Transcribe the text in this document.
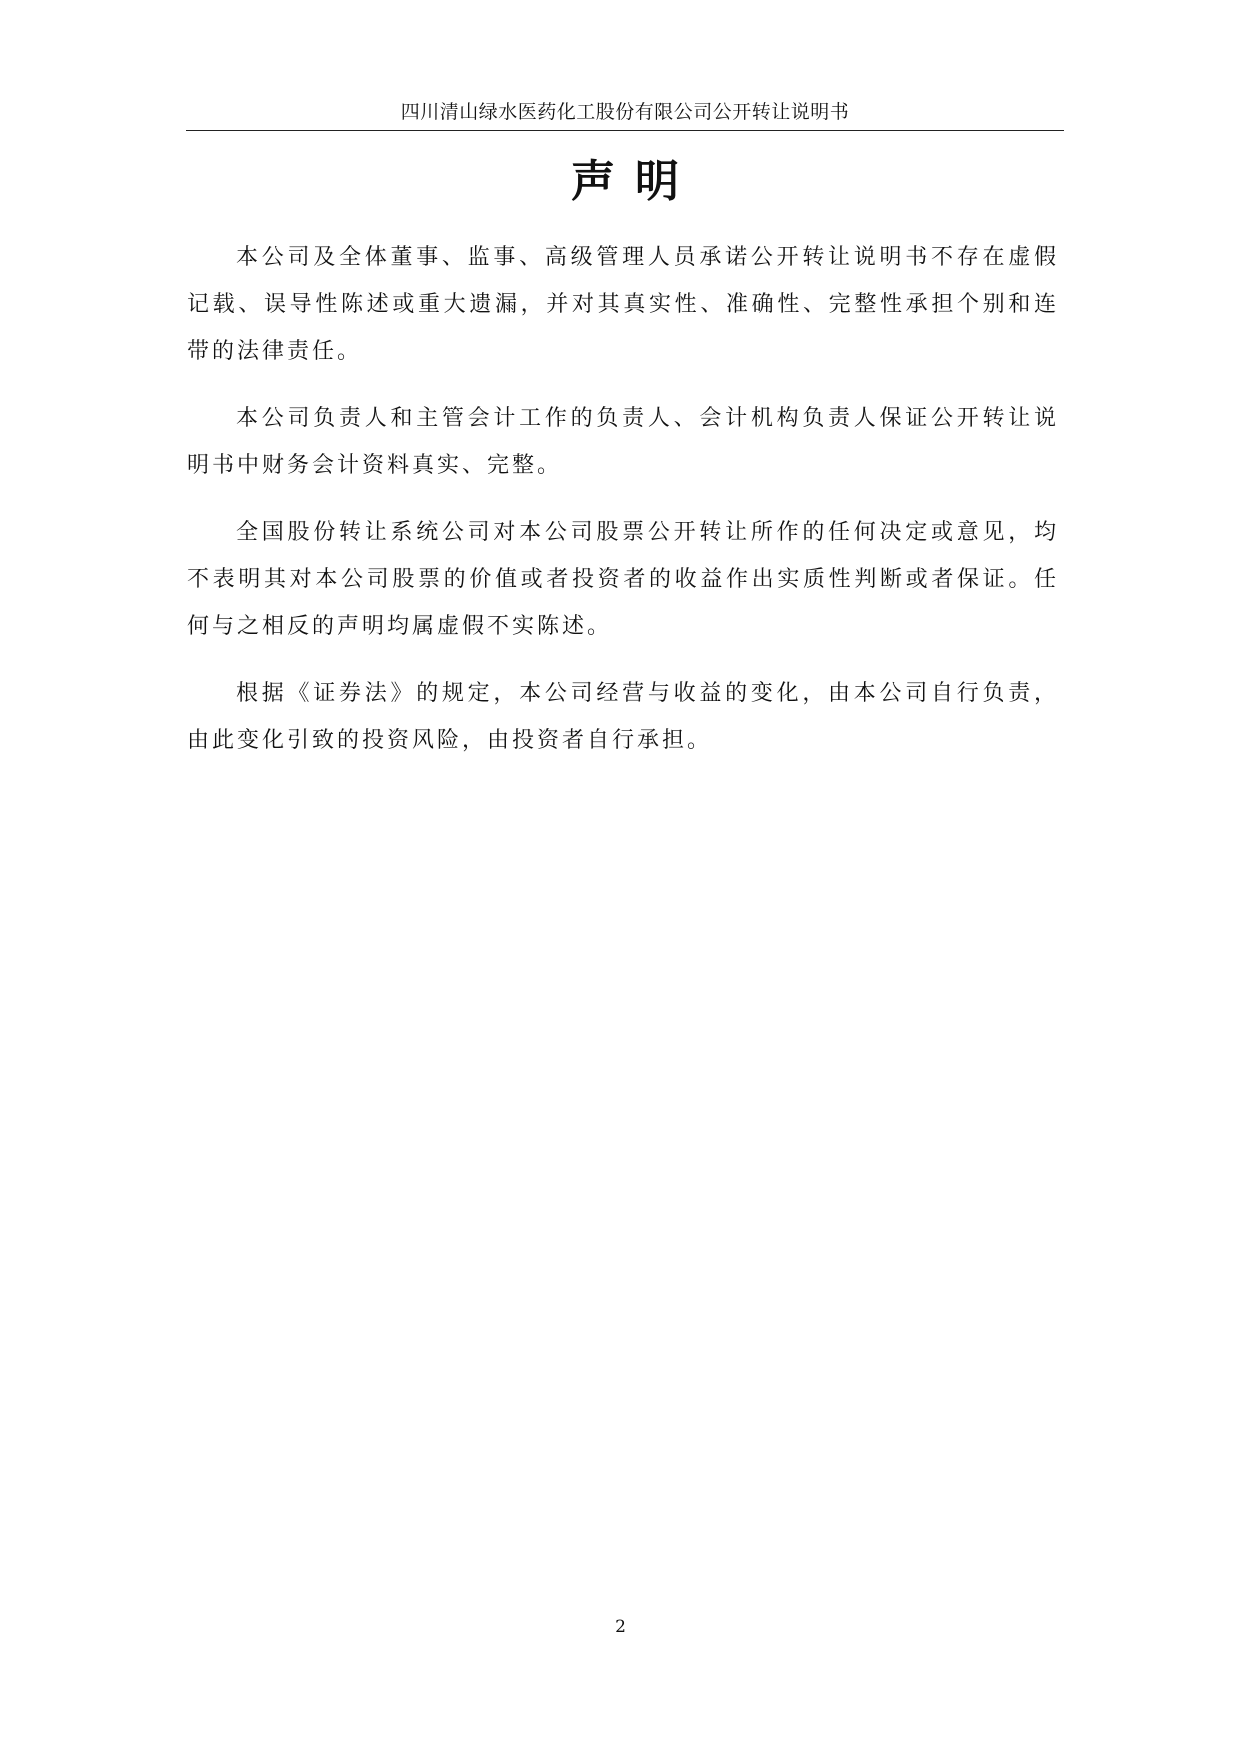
四川清山绿水医药化工股份有限公司公开转让说明书
声明

本公司及全体董事、监事、高级管理人员承诺公开转让说明书不存在虚假记载、误导性陈述或重大遗漏，并对其真实性、准确性、完整性承担个别和连带的法律责任。

本公司负责人和主管会计工作的负责人、会计机构负责人保证公开转让说明书中财务会计资料真实、完整。

全国股份转让系统公司对本公司股票公开转让所作的任何决定或意见，均不表明其对本公司股票的价值或者投资者的收益作出实质性判断或者保证。任何与之相反的声明均属虚假不实陈述。

根据《证券法》的规定，本公司经营与收益的变化，由本公司自行负责，由此变化引致的投资风险，由投资者自行承担。

2
